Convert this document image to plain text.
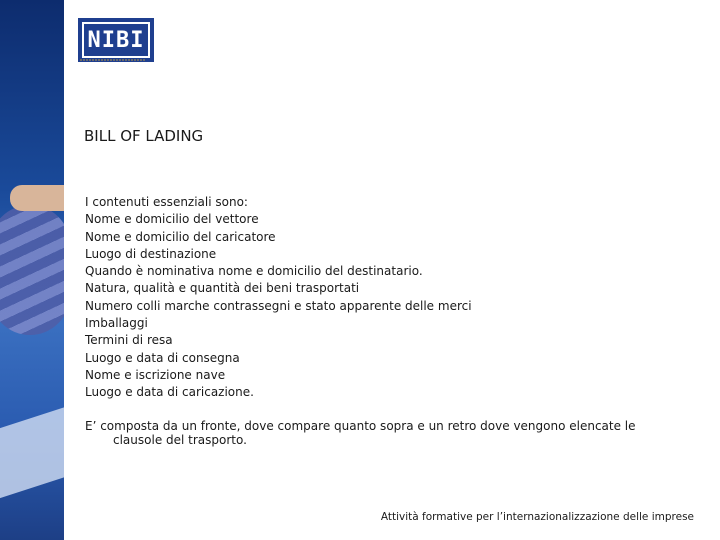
NIBI
BILL OF LADING
I contenuti essenziali sono:
Nome e domicilio del vettore
Nome e domicilio del caricatore
Luogo di destinazione
Quando è nominativa nome e domicilio del destinatario.
Natura, qualità e quantità dei beni trasportati
Numero colli marche contrassegni e stato apparente delle merci
Imballaggi
Termini di resa
Luogo e data di consegna
Nome e iscrizione nave
Luogo e data di caricazione.
E’ composta da un fronte, dove compare quanto sopra e un retro dove vengono elencate le
clausole del trasporto.
Attività formative per l’internazionalizzazione delle imprese
